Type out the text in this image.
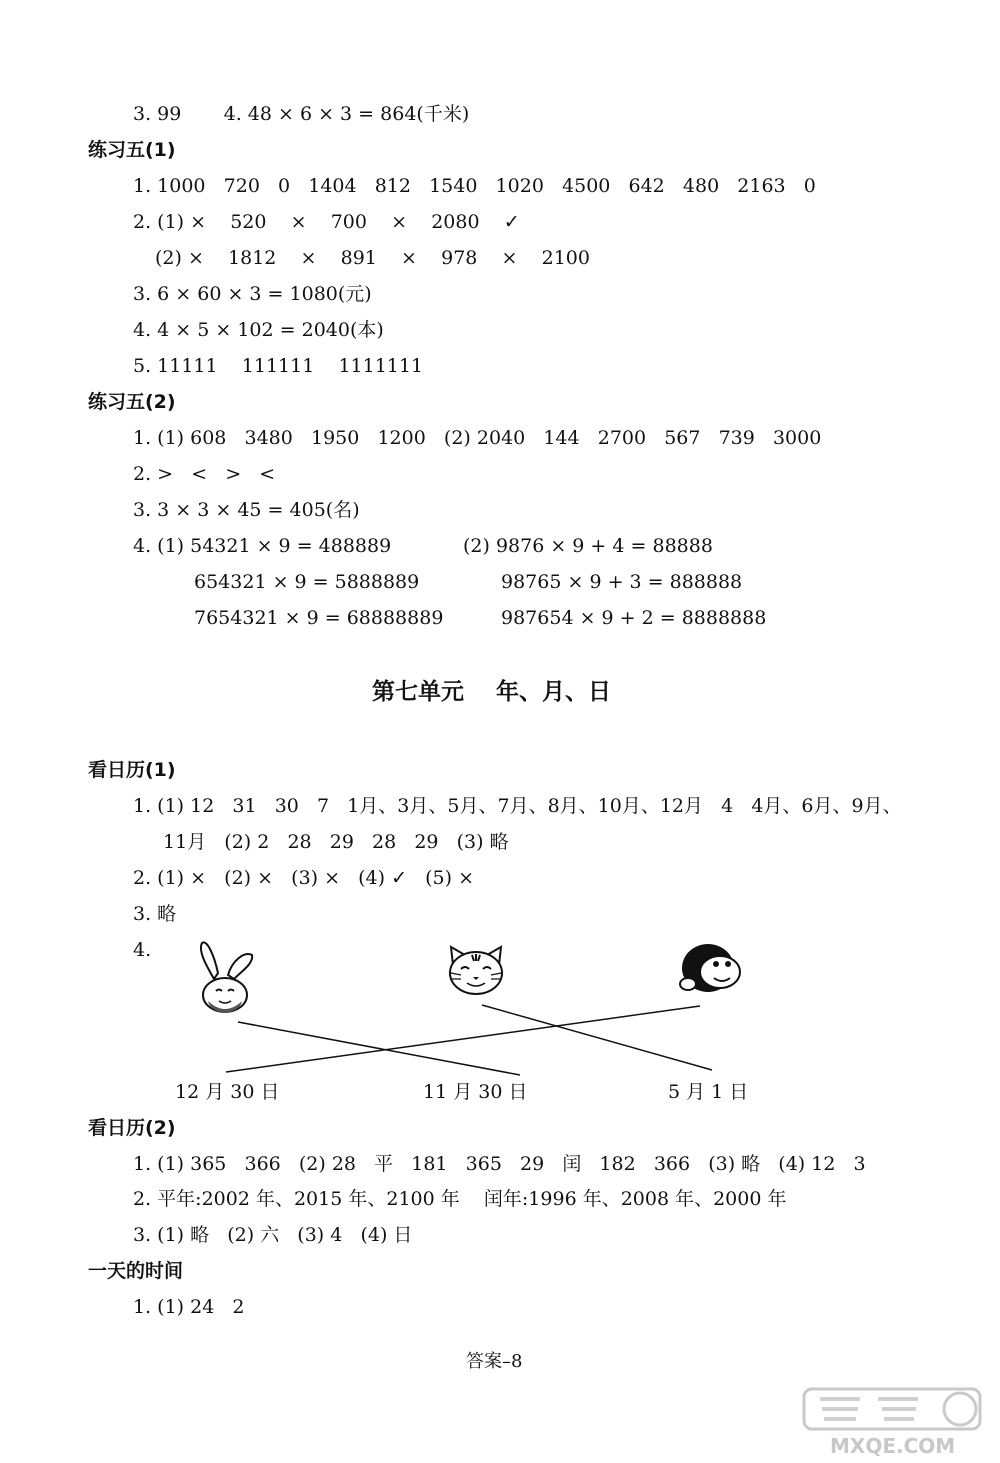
3. 99       4. 48 × 6 × 3 = 864(千米)
练习五(1)
1. 1000   720   0   1404   812   1540   1020   4500   642   480   2163   0
2. (1) ×    520    ×    700    ×    2080    ✓
(2) ×    1812    ×    891    ×    978    ×    2100
3. 6 × 60 × 3 = 1080(元)
4. 4 × 5 × 102 = 2040(本)
5. 11111    111111    1111111
练习五(2)
1. (1) 608   3480   1950   1200   (2) 2040   144   2700   567   739   3000
2. >   <   >   <
3. 3 × 3 × 45 = 405(名)
4. (1) 54321 × 9 = 488889	(2) 9876 × 9 + 4 = 88888
654321 × 9 = 5888889	98765 × 9 + 3 = 888888
7654321 × 9 = 68888889	987654 × 9 + 2 = 8888888
第七单元    年、月、日
看日历(1)
1. (1) 12   31   30   7   1月、3月、5月、7月、8月、10月、12月   4   4月、6月、9月、
11月   (2) 2   28   29   28   29   (3) 略
2. (1) ×   (2) ×   (3) ×   (4) ✓   (5) ×
3. 略
4.
12 月 30 日	11 月 30 日	5 月 1 日
看日历(2)
1. (1) 365   366   (2) 28   平   181   365   29   闰   182   366   (3) 略   (4) 12   3
2. 平年:2002 年、2015 年、2100 年    闰年:1996 年、2008 年、2000 年
3. (1) 略   (2) 六   (3) 4   (4) 日
一天的时间
1. (1) 24   2
答案–8
MXQE.COM
